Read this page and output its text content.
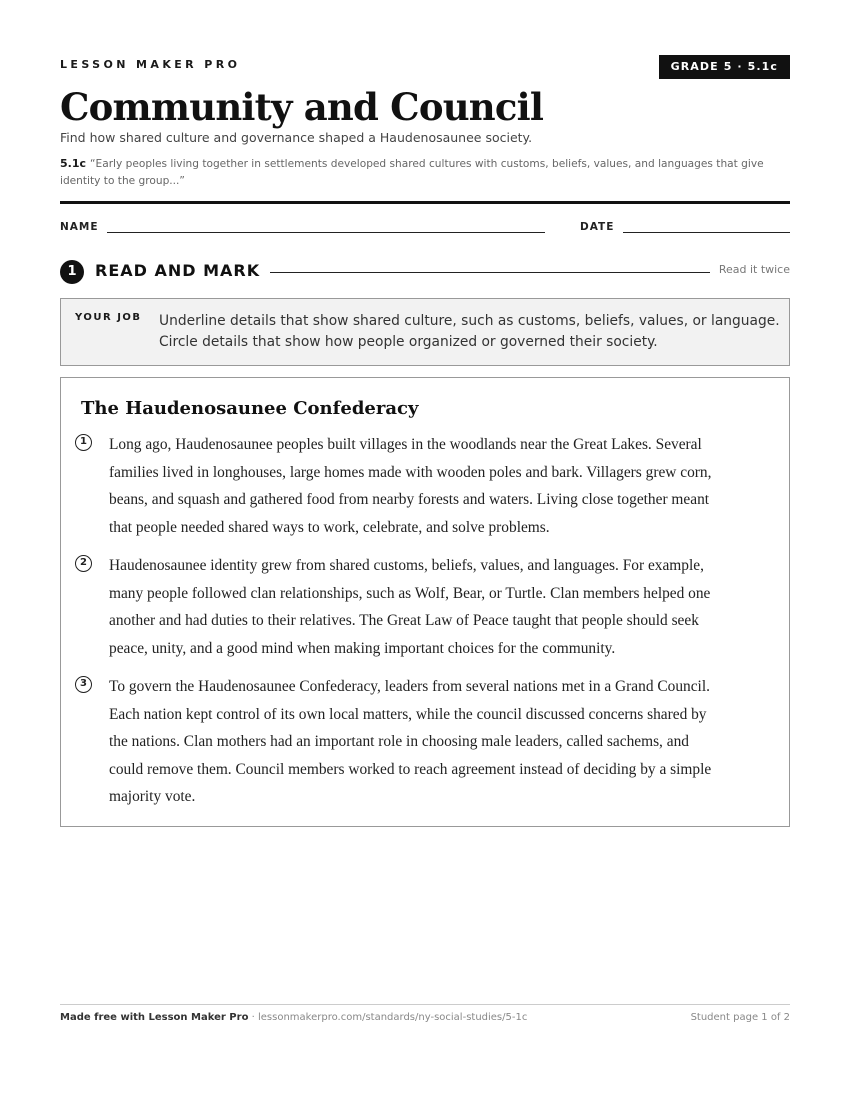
LESSON MAKER PRO	GRADE 5 · 5.1c
Community and Council
Find how shared culture and governance shaped a Haudenosaunee society.
5.1c “Early peoples living together in settlements developed shared cultures with customs, beliefs, values, and languages that give identity to the group...”
NAME	DATE
1	READ AND MARK	Read it twice
YOUR JOB Underline details that show shared culture, such as customs, beliefs, values, or language.
Circle details that show how people organized or governed their society.
The Haudenosaunee Confederacy
1	Long ago, Haudenosaunee peoples built villages in the woodlands near the Great Lakes. Several
families lived in longhouses, large homes made with wooden poles and bark. Villagers grew corn,
beans, and squash and gathered food from nearby forests and waters. Living close together meant
that people needed shared ways to work, celebrate, and solve problems.
2	Haudenosaunee identity grew from shared customs, beliefs, values, and languages. For example,
many people followed clan relationships, such as Wolf, Bear, or Turtle. Clan members helped one
another and had duties to their relatives. The Great Law of Peace taught that people should seek
peace, unity, and a good mind when making important choices for the community.
3	To govern the Haudenosaunee Confederacy, leaders from several nations met in a Grand Council.
Each nation kept control of its own local matters, while the council discussed concerns shared by
the nations. Clan mothers had an important role in choosing male leaders, called sachems, and
could remove them. Council members worked to reach agreement instead of deciding by a simple
majority vote.
Made free with Lesson Maker Pro · lessonmakerpro.com/standards/ny-social-studies/5-1c	Student page 1 of 2
